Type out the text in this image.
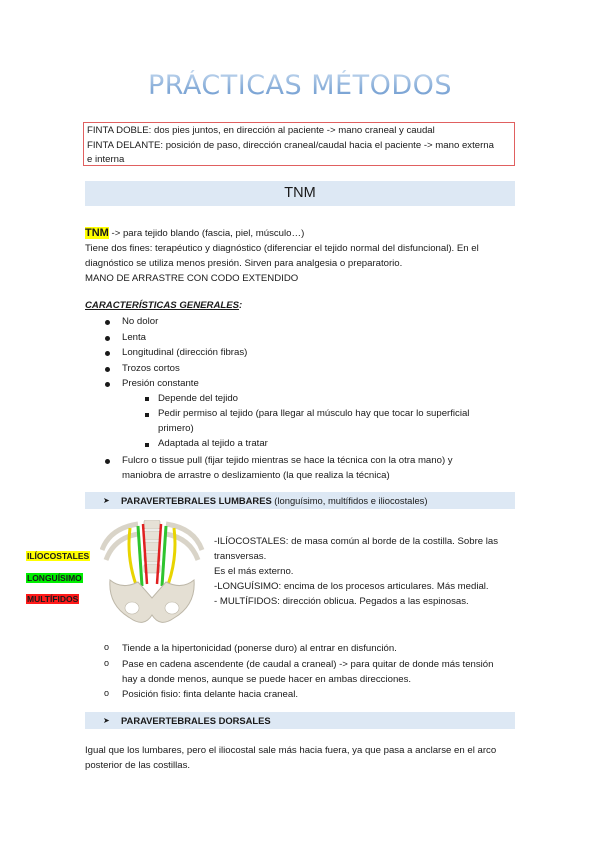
PRÁCTICAS MÉTODOS
FINTA DOBLE: dos pies juntos, en dirección al paciente -> mano craneal y caudal
FINTA DELANTE: posición de paso, dirección craneal/caudal hacia el paciente -> mano externa
e interna
TNM
TNM -> para tejido blando (fascia, piel, músculo…)
Tiene dos fines: terapéutico y diagnóstico (diferenciar el tejido normal del disfuncional). En el
diagnóstico se utiliza menos presión. Sirven para analgesia o preparatorio.
MANO DE ARRASTRE CON CODO EXTENDIDO
CARACTERÍSTICAS GENERALES:
No dolor
Lenta
Longitudinal (dirección fibras)
Trozos cortos
Presión constante
Depende del tejido
Pedir permiso al tejido (para llegar al músculo hay que tocar lo superficial
primero)
Adaptada al tejido a tratar
Fulcro o tissue pull (fijar tejido mientras se hace la técnica con la otra mano) y
maniobra de arrastre o deslizamiento (la que realiza la técnica)
➤ PARAVERTEBRALES LUMBARES (longuísimo, multífidos e iliocostales)
ILÍOCOSTALES
LONGUÍSIMO
MULTÍFIDOS
-ILÍOCOSTALES: de masa común al borde de la costilla. Sobre las
transversas.
Es el más externo.
-LONGUÍSIMO: encima de los procesos articulares. Más medial.
- MULTÍFIDOS: dirección oblicua. Pegados a las espinosas.
o Tiende a la hipertonicidad (ponerse duro) al entrar en disfunción.
o Pase en cadena ascendente (de caudal a craneal) -> para quitar de donde más tensión
hay a donde menos, aunque se puede hacer en ambas direcciones.
o Posición fisio: finta delante hacia craneal.
➤ PARAVERTEBRALES DORSALES
Igual que los lumbares, pero el iliocostal sale más hacia fuera, ya que pasa a anclarse en el arco
posterior de las costillas.
